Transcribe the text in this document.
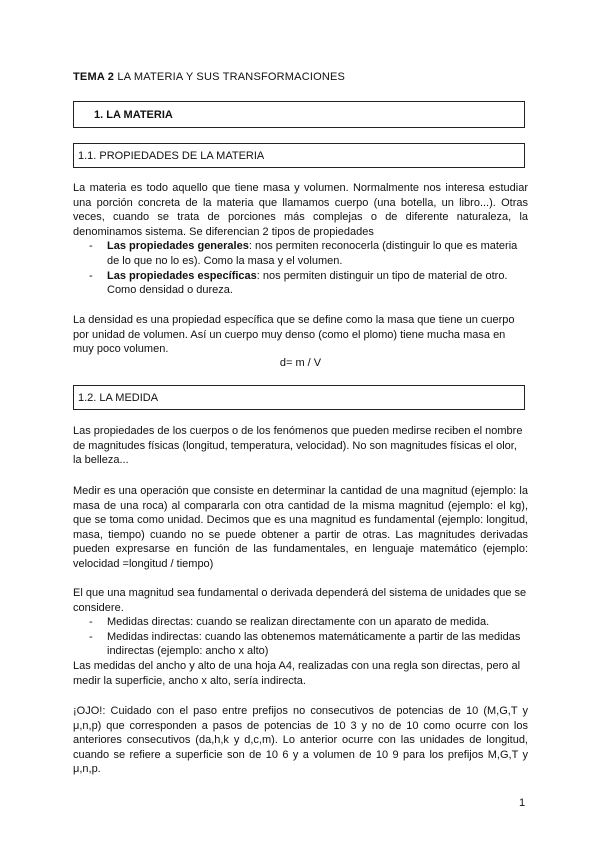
TEMA 2 LA MATERIA Y SUS TRANSFORMACIONES
1. LA MATERIA
1.1. PROPIEDADES DE LA MATERIA

La materia es todo aquello que tiene masa y volumen. Normalmente nos interesa estudiar una porción concreta de la materia que llamamos cuerpo (una botella, un libro...). Otras veces, cuando se trata de porciones más complejas o de diferente naturaleza, la denominamos sistema. Se diferencian 2 tipos de propiedades

- Las propiedades generales: nos permiten reconocerla (distinguir lo que es materia de lo que no lo es). Como la masa y el volumen.
- Las propiedades específicas: nos permiten distinguir un tipo de material de otro. Como densidad o dureza.

La densidad es una propiedad específica que se define como la masa que tiene un cuerpo por unidad de volumen. Así un cuerpo muy denso (como el plomo) tiene mucha masa en muy poco volumen.

d= m / V
1.2. LA MEDIDA

Las propiedades de los cuerpos o de los fenómenos que pueden medirse reciben el nombre de magnitudes físicas (longitud, temperatura, velocidad). No son magnitudes físicas el olor, la belleza...

Medir es una operación que consiste en determinar la cantidad de una magnitud (ejemplo: la masa de una roca) al compararla con otra cantidad de la misma magnitud (ejemplo: el kg), que se toma como unidad. Decimos que es una magnitud es fundamental (ejemplo: longitud, masa, tiempo) cuando no se puede obtener a partir de otras. Las magnitudes derivadas pueden expresarse en función de las fundamentales, en lenguaje matemático (ejemplo: velocidad =longitud / tiempo)

El que una magnitud sea fundamental o derivada dependerá del sistema de unidades que se considere.

- Medidas directas: cuando se realizan directamente con un aparato de medida.
- Medidas indirectas: cuando las obtenemos matemáticamente a partir de las medidas indirectas (ejemplo: ancho x alto)

Las medidas del ancho y alto de una hoja A4, realizadas con una regla son directas, pero al medir la superficie, ancho x alto, sería indirecta.

¡OJO!: Cuidado con el paso entre prefijos no consecutivos de potencias de 10 (M,G,T y μ,n,p) que corresponden a pasos de potencias de 10 3 y no de 10 como ocurre con los anteriores consecutivos (da,h,k y d,c,m). Lo anterior ocurre con las unidades de longitud, cuando se refiere a superficie son de 10 6 y a volumen de 10 9 para los prefijos M,G,T y μ,n,p.

1
